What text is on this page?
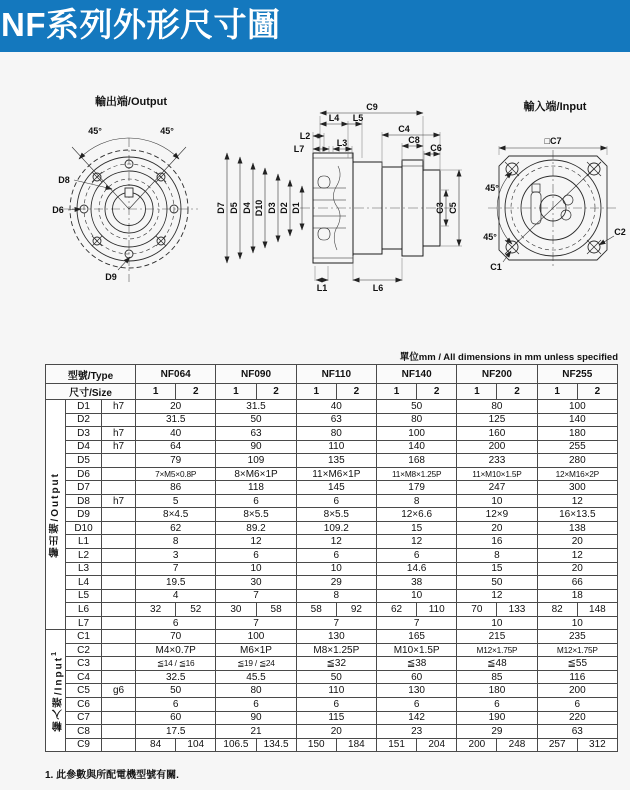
NF系列外形尺寸圖
輸出端/Output
45°	45°
D8
D6
D9
C9
L4 L5
L2
L7
L3
C4
C8
C6
L1	L6
D7 D5 D4 D10 D3 D2 D1	C3 C5
輸入端/Input
□C7
45°
45°
C1
C2
單位mm / All dimensions in mm unless specified
型號/Type			NF064		NF090		NF110		NF140		NF200		NF255	
尺寸/Size			1	2	1	2	1	2	1	2	1	2	1	2

輸出端/Output	D1	h7	20		31.5		40		50		80		100	
	D2		31.5		50		63		80		125		140	
	D3	h7	40		63		80		100		160		180	
	D4	h7	64		90		110		140		200		255	
	D5		79		109		135		168		233		280	
	D6		7×M5×0.8P		8×M6×1P		11×M6×1P		11×M8×1.25P		11×M10×1.5P		12×M16×2P	
	D7		86		118		145		179		247		300	
	D8	h7	5		6		6		8		10		12	
	D9		8×4.5		8×5.5		8×5.5		12×6.6		12×9		16×13.5	
	D10		62		89.2		109.2		15		20		138	
	L1		8		12		12		12		16		20	
	L2		3		6		6		6		8		12	
	L3		7		10		10		14.6		15		20	
	L4		19.5		30		29		38		50		66	
	L5		4		7		8		10		12		18	
	L6		32	52	30	58	58	92	62	110	70	133	82	148
	L7		6		7		7		7		10		10	

輸入端/Input$^1$	C1		70		100		130		165		215		235	
	C2		M4×0.7P		M6×1P		M8×1.25P		M10×1.5P		M12×1.75P		M12×1.75P	
	C3		≦14 / ≦16		≦19 / ≦24		≦32		≦38		≦48		≦55	
	C4		32.5		45.5		50		60		85		116	
	C5	g6	50		80		110		130		180		200	
	C6		6		6		6		6		6		6	
	C7		60		90		115		142		190		220	
	C8		17.5		21		20		23		29		63	
	C9		84	104	106.5	134.5	150	184	151	204	200	248	257	312
1. 此參數與所配電機型號有關.
